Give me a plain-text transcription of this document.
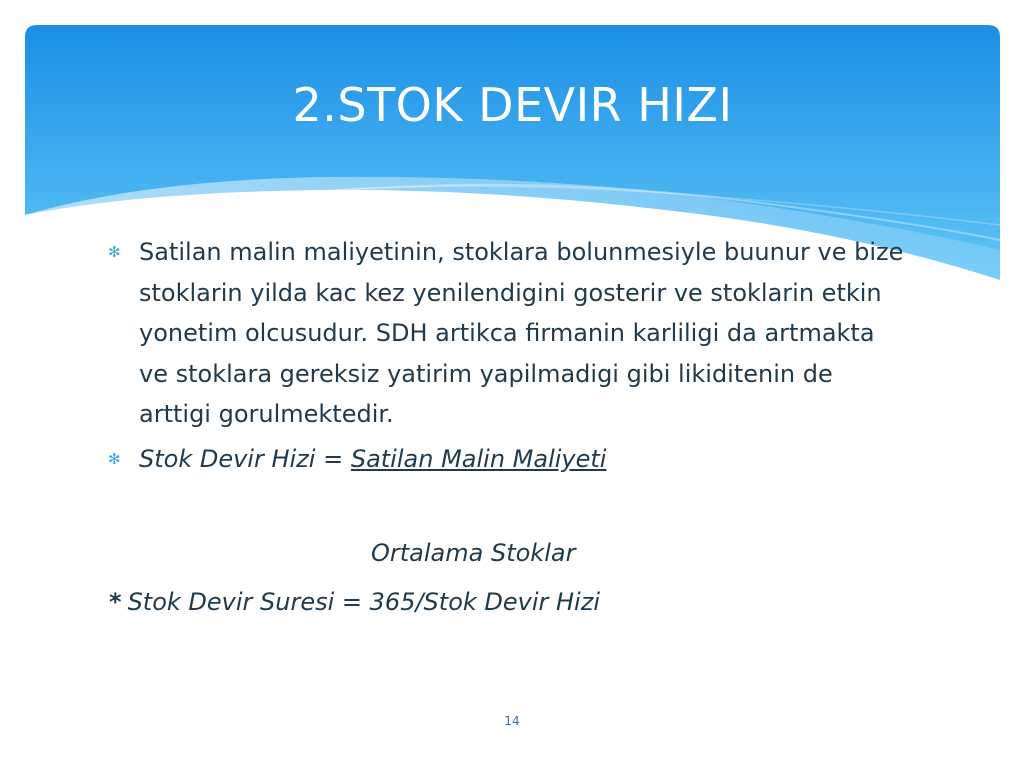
2.STOK DEVIR HIZI

✻ Satilan malin maliyetinin, stoklara bolunmesiyle buunur ve bize stoklarin yilda kac kez yenilendigini gosterir ve stoklarin etkin yonetim olcusudur. SDH artikca firmanin karliligi da artmakta ve stoklara gereksiz yatirim yapilmadigi gibi likiditenin de arttigi gorulmektedir.

✻ Stok Devir Hizi = Satilan Malin Maliyeti

Ortalama Stoklar
* Stok Devir Suresi = 365/Stok Devir Hizi
14
